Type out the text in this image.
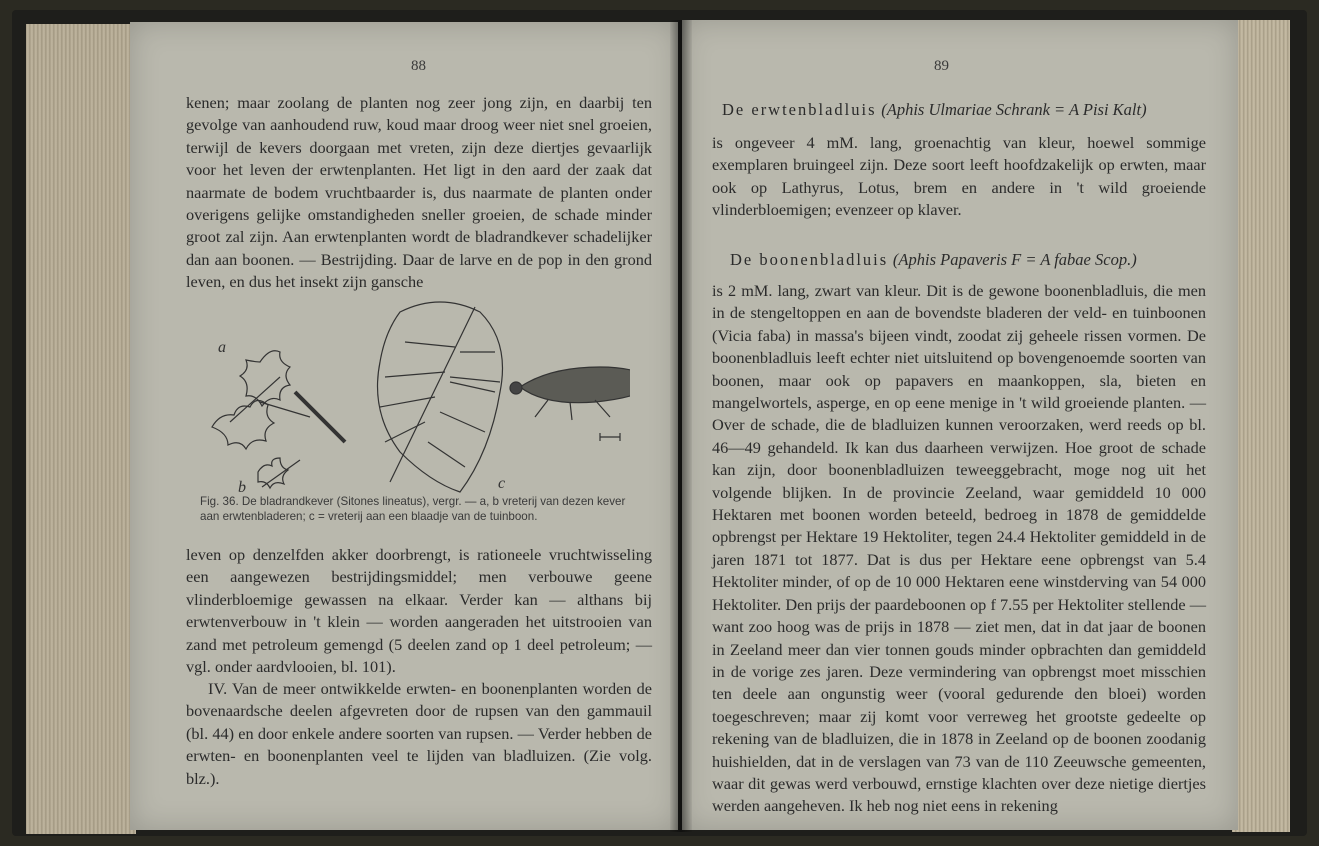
88

kenen; maar zoolang de planten nog zeer jong zijn, en daarbij ten gevolge van aanhoudend ruw, koud maar droog weer niet snel groeien, terwijl de kevers doorgaan met vreten, zijn deze diertjes gevaarlijk voor het leven der erwtenplanten. Het ligt in den aard der zaak dat naarmate de bodem vruchtbaarder is, dus naarmate de planten onder overigens gelijke omstandigheden sneller groeien, de schade minder groot zal zijn. Aan erwtenplanten wordt de bladrandkever schadelijker dan aan boonen. — Bestrijding. Daar de larve en de pop in den grond leven, en dus het insekt zijn gansche

a
b	c
Fig. 36. De bladrandkever (Sitones lineatus), vergr. — a, b vreterij van dezen kever aan erwtenbladeren; c = vreterij aan een blaadje van de tuinboon.

leven op denzelfden akker doorbrengt, is rationeele vruchtwisseling een aangewezen bestrijdingsmiddel; men verbouwe geene vlinderbloemige gewassen na elkaar. Verder kan — althans bij erwtenverbouw in 't klein — worden aangeraden het uitstrooien van zand met petroleum gemengd (5 deelen zand op 1 deel petroleum; — vgl. onder aardvlooien, bl. 101).

IV. Van de meer ontwikkelde erwten- en boonenplanten worden de bovenaardsche deelen afgevreten door de rupsen van den gammauil (bl. 44) en door enkele andere soorten van rupsen. — Verder hebben de erwten- en boonenplanten veel te lijden van bladluizen. (Zie volg. blz.).

89
De erwtenbladluis (Aphis Ulmariae Schrank = A Pisi Kalt)

is ongeveer 4 mM. lang, groenachtig van kleur, hoewel sommige exemplaren bruingeel zijn. Deze soort leeft hoofdzakelijk op erwten, maar ook op Lathyrus, Lotus, brem en andere in 't wild groeiende vlinderbloemigen; evenzeer op klaver.

De boonenbladluis (Aphis Papaveris F = A fabae Scop.)

is 2 mM. lang, zwart van kleur. Dit is de gewone boonenbladluis, die men in de stengeltoppen en aan de bovendste bladeren der veld- en tuinboonen (Vicia faba) in massa's bijeen vindt, zoodat zij geheele rissen vormen. De boonenbladluis leeft echter niet uitsluitend op bovengenoemde soorten van boonen, maar ook op papavers en maankoppen, sla, bieten en mangelwortels, asperge, en op eene menige in 't wild groeiende planten. — Over de schade, die de bladluizen kunnen veroorzaken, werd reeds op bl. 46—49 gehandeld. Ik kan dus daarheen verwijzen. Hoe groot de schade kan zijn, door boonenbladluizen teweeggebracht, moge nog uit het volgende blijken. In de provincie Zeeland, waar gemiddeld 10 000 Hektaren met boonen worden beteeld, bedroeg in 1878 de gemiddelde opbrengst per Hektare 19 Hektoliter, tegen 24.4 Hektoliter gemiddeld in de jaren 1871 tot 1877. Dat is dus per Hektare eene opbrengst van 5.4 Hektoliter minder, of op de 10 000 Hektaren eene winstderving van 54 000 Hektoliter. Den prijs der paardeboonen op f 7.55 per Hektoliter stellende — want zoo hoog was de prijs in 1878 — ziet men, dat in dat jaar de boonen in Zeeland meer dan vier tonnen gouds minder opbrachten dan gemiddeld in de vorige zes jaren. Deze vermindering van opbrengst moet misschien ten deele aan ongunstig weer (vooral gedurende den bloei) worden toegeschreven; maar zij komt voor verreweg het grootste gedeelte op rekening van de bladluizen, die in 1878 in Zeeland op de boonen zoodanig huishielden, dat in de verslagen van 73 van de 110 Zeeuwsche gemeenten, waar dit gewas werd verbouwd, ernstige klachten over deze nietige diertjes werden aangeheven. Ik heb nog niet eens in rekening
